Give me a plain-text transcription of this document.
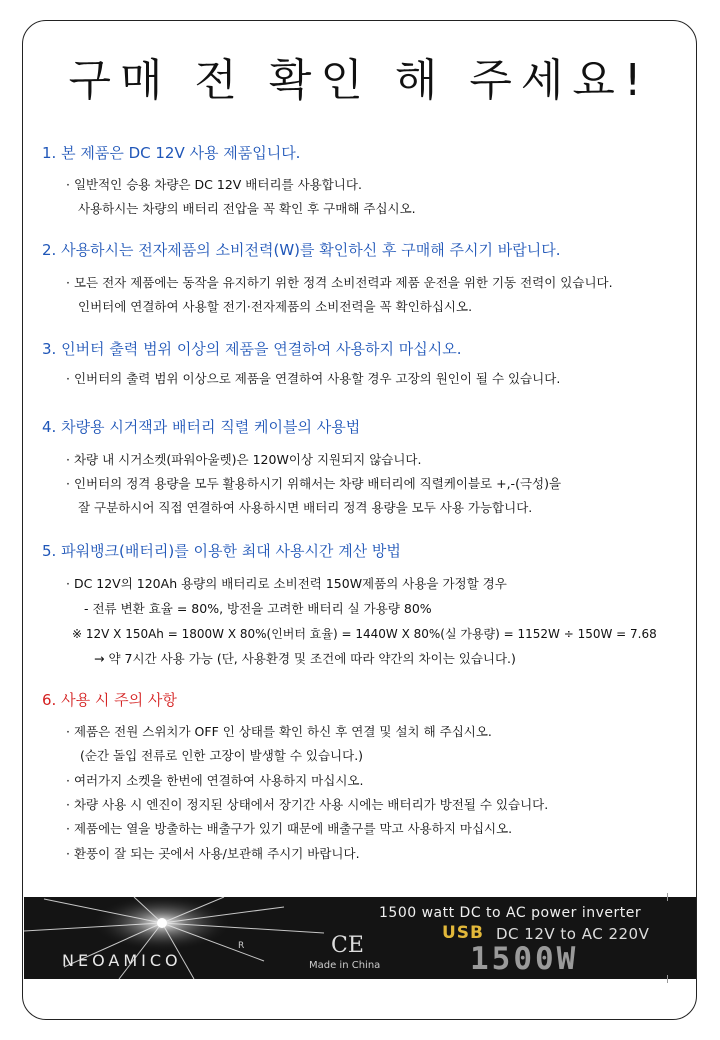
구매 전 확인 해 주세요!
1. 본 제품은 DC 12V 사용 제품입니다.
· 일반적인 승용 차량은 DC 12V 배터리를 사용합니다.
사용하시는 차량의 배터리 전압을 꼭 확인 후 구매해 주십시오.
2. 사용하시는 전자제품의 소비전력(W)를 확인하신 후 구매해 주시기 바랍니다.
· 모든 전자 제품에는 동작을 유지하기 위한 정격 소비전력과 제품 운전을 위한 기동 전력이 있습니다.
인버터에 연결하여 사용할 전기·전자제품의 소비전력을 꼭 확인하십시오.
3. 인버터 출력 범위 이상의 제품을 연결하여 사용하지 마십시오.
· 인버터의 출력 범위 이상으로 제품을 연결하여 사용할 경우 고장의 원인이 될 수 있습니다.
4. 차량용 시거잭과 배터리 직렬 케이블의 사용법
· 차량 내 시거소켓(파워아울렛)은 120W이상 지원되지 않습니다.
· 인버터의 정격 용량을 모두 활용하시기 위해서는 차량 배터리에 직렬케이블로 +,-(극성)을
잘 구분하시어 직접 연결하여 사용하시면 배터리 정격 용량을 모두 사용 가능합니다.
5. 파워뱅크(배터리)를 이용한 최대 사용시간 계산 방법
· DC 12V의 120Ah 용량의 배터리로 소비전력 150W제품의 사용을 가정할 경우
- 전류 변환 효율 = 80%, 방전을 고려한 배터리 실 가용량 80%
※ 12V X 150Ah = 1800W X 80%(인버터 효율) = 1440W X 80%(실 가용량) = 1152W ÷ 150W = 7.68
→ 약 7시간 사용 가능 (단, 사용환경 및 조건에 따라 약간의 차이는 있습니다.)
6. 사용 시 주의 사항
· 제품은 전원 스위치가 OFF 인 상태를 확인 하신 후 연결 및 설치 해 주십시오.
(순간 돌입 전류로 인한 고장이 발생할 수 있습니다.)
· 여러가지 소켓을 한번에 연결하여 사용하지 마십시오.
· 차량 사용 시 엔진이 정지된 상태에서 장기간 사용 시에는 배터리가 방전될 수 있습니다.
· 제품에는 열을 방출하는 배출구가 있기 때문에 배출구를 막고 사용하지 마십시오.
· 환풍이 잘 되는 곳에서 사용/보관해 주시기 바랍니다.
NEOAMICO
R	CE
Made in China
1500 watt DC to AC power inverter
USB DC 12V to AC 220V
1500W
